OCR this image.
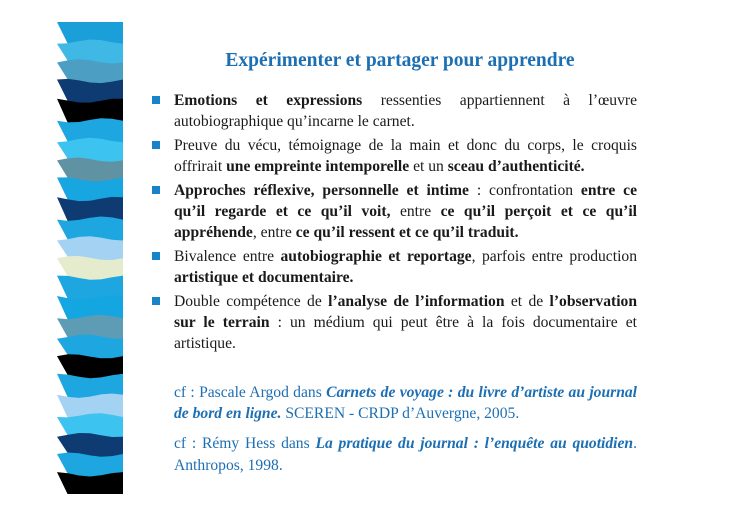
Expérimenter et partager pour apprendre
Emotions et expressions ressenties appartiennent à l’œuvre autobiographique qu’incarne le carnet.
Preuve du vécu, témoignage de la main et donc du corps, le croquis offrirait une empreinte intemporelle et un sceau d’authenticité.
Approches réflexive, personnelle et intime : confrontation entre ce qu’il regarde et ce qu’il voit, entre ce qu’il perçoit et ce qu’il appréhende, entre ce qu’il ressent et ce qu’il traduit.
Bivalence entre autobiographie et reportage, parfois entre production artistique et documentaire.
Double compétence de l’analyse de l’information et de l’observation sur le terrain : un médium qui peut être à la fois documentaire et artistique.
cf : Pascale Argod dans Carnets de voyage : du livre d’artiste au journal de bord en ligne. SCEREN - CRDP d’Auvergne, 2005.
cf : Rémy Hess dans La pratique du journal : l’enquête au quotidien. Anthropos, 1998.
